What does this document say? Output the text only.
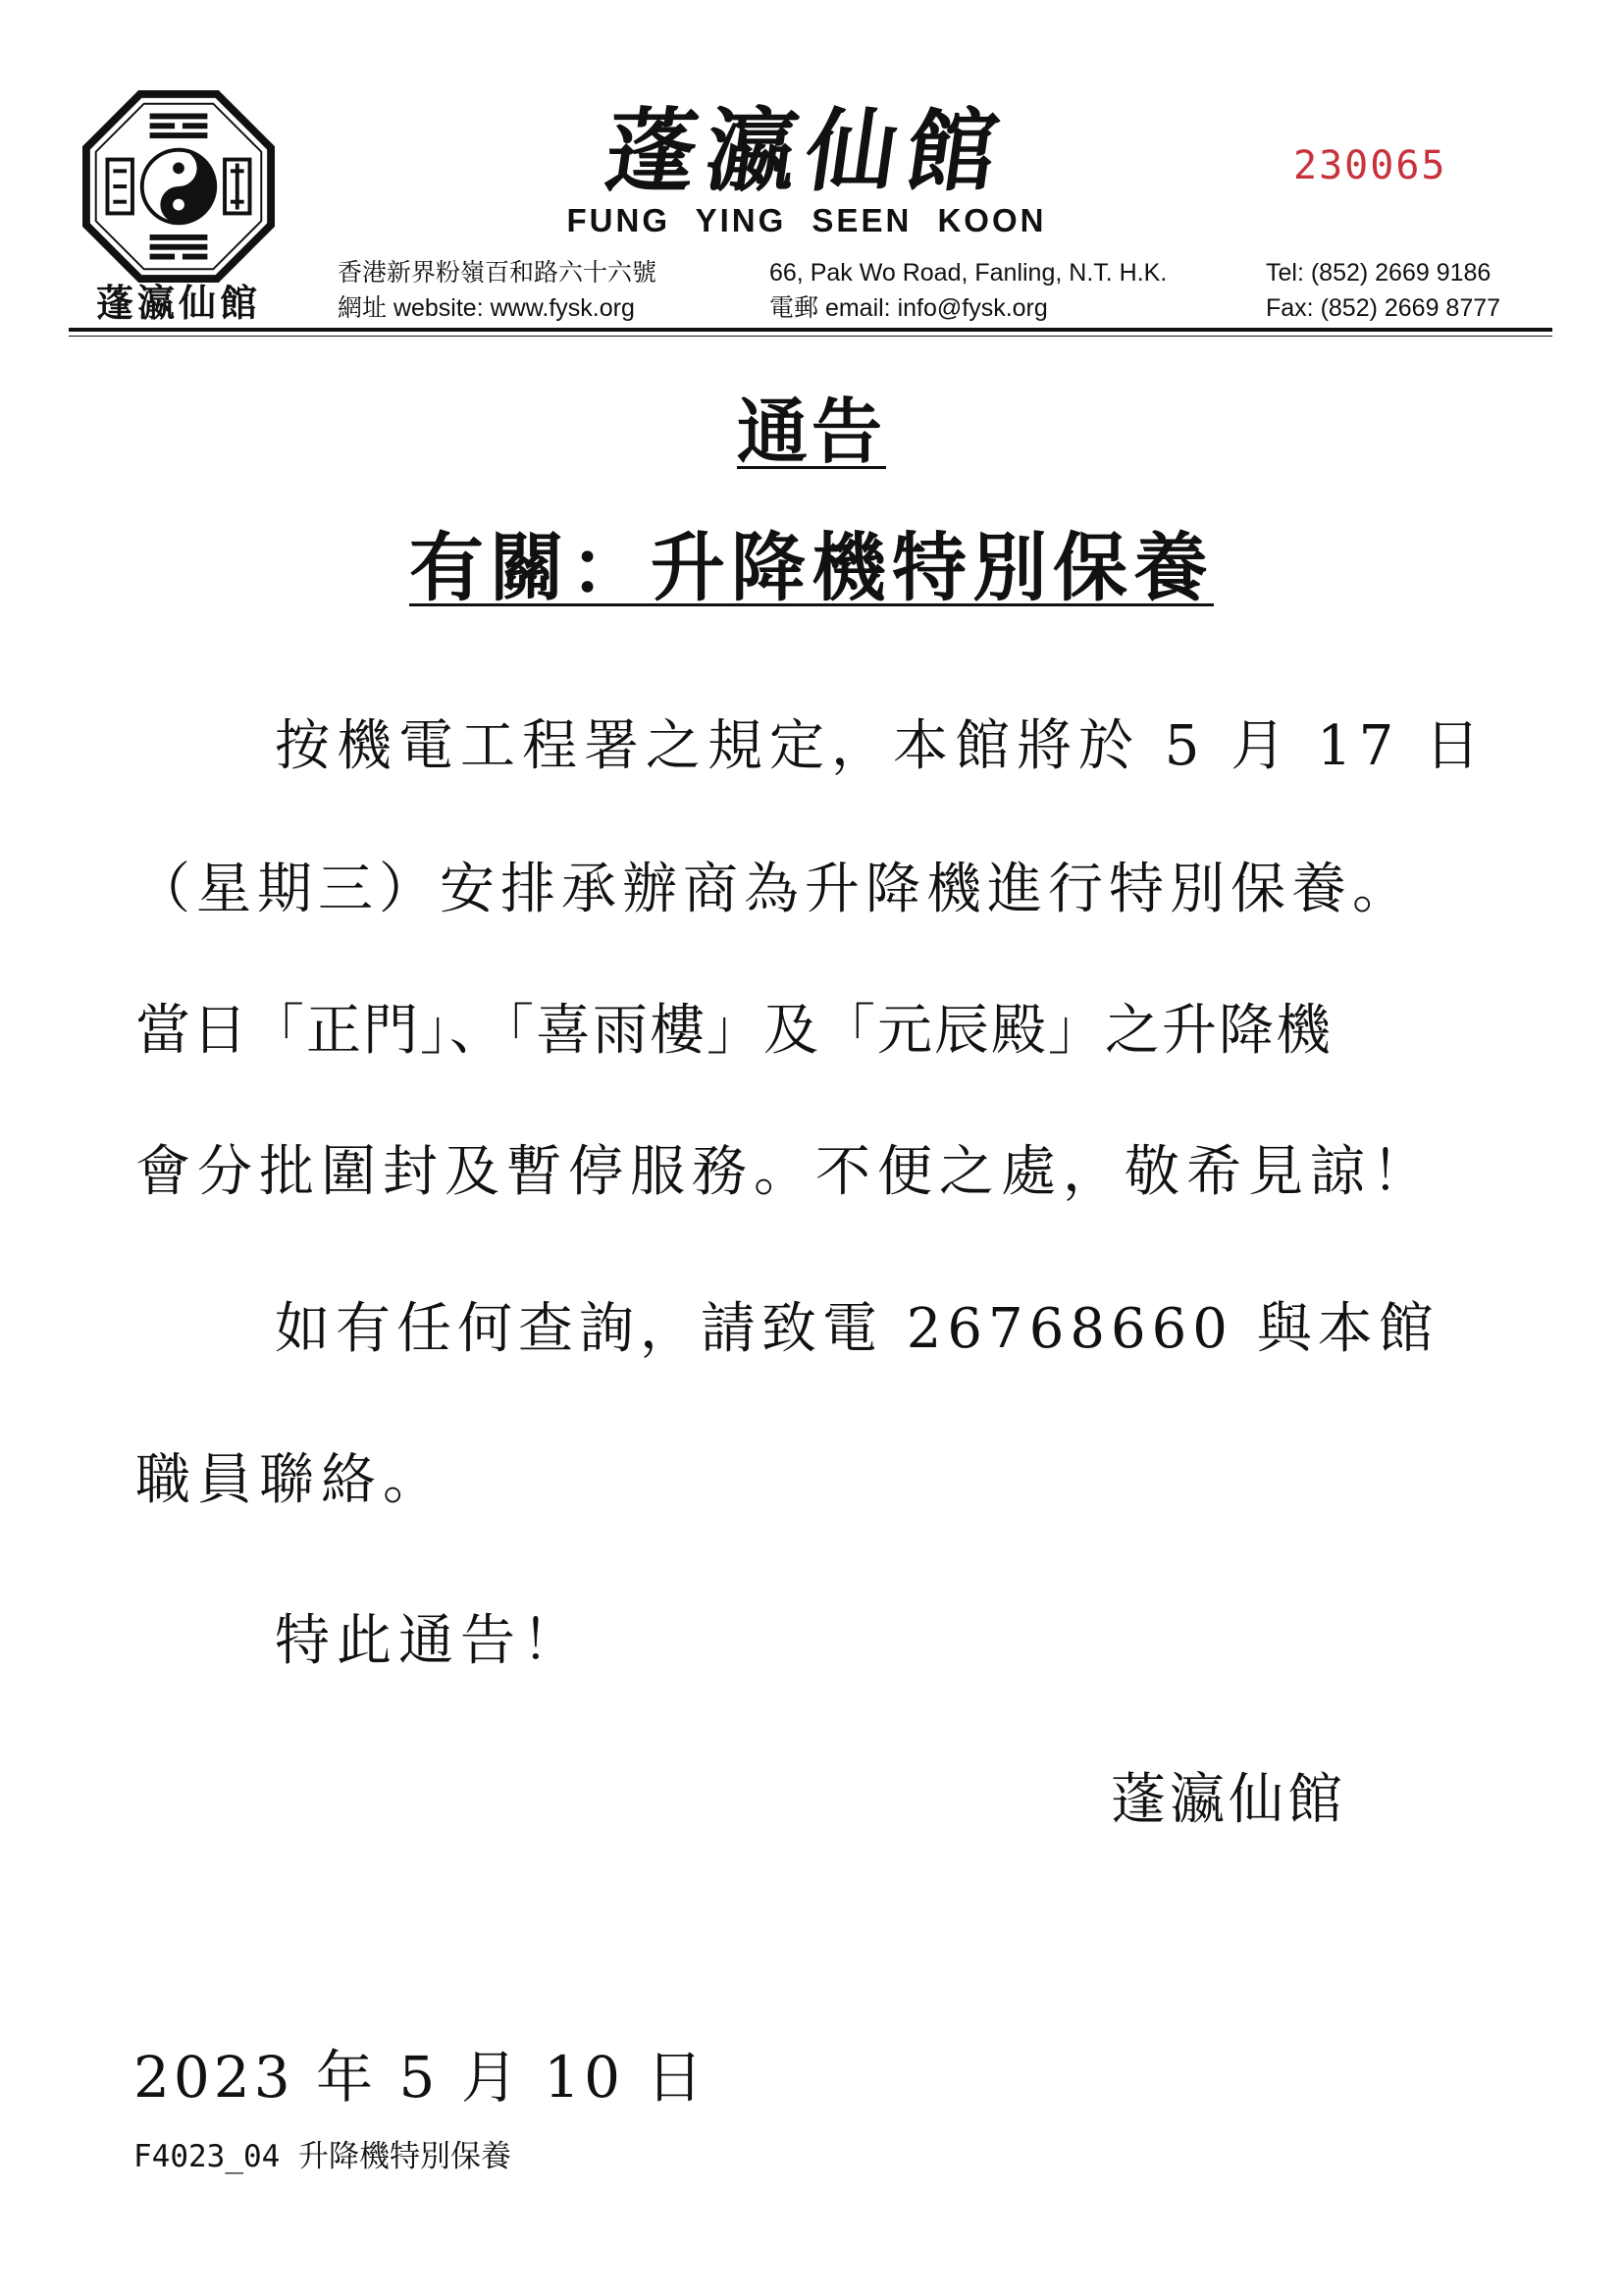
蓬瀛仙館
蓬瀛仙館
FUNG YING SEEN KOON
230065
香港新界粉嶺百和路六十六號
網址 website: www.fysk.org
66, Pak Wo Road, Fanling, N.T. H.K.
電郵 email: info@fysk.org
Tel: (852) 2669 9186
Fax: (852) 2669 8777
通告
有關：升降機特別保養
按機電工程署之規定，本館將於 5 月 17 日
（星期三）安排承辦商為升降機進行特別保養。
當日「正門」、「喜雨樓」及「元辰殿」之升降機
會分批圍封及暫停服務。不便之處，敬希見諒！
如有任何查詢，請致電 26768660 與本館
職員聯絡。
特此通告！
蓬瀛仙館
2023 年 5 月 10 日
F4023_04 升降機特別保養
